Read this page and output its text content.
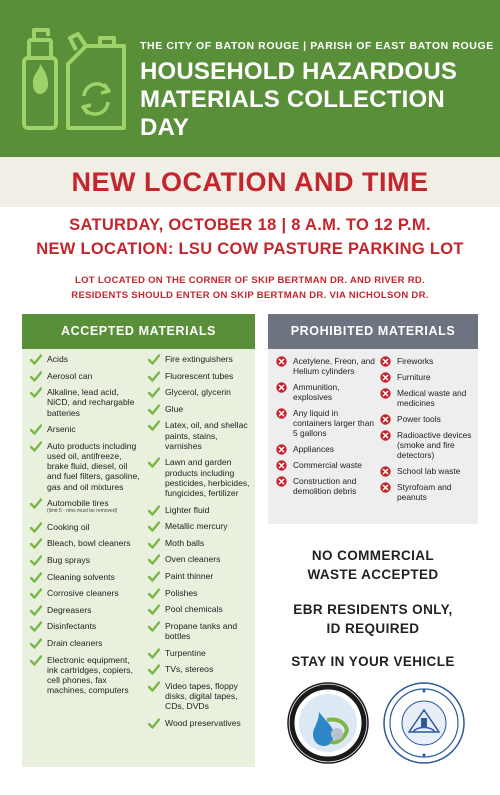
THE CITY OF BATON ROUGE | PARISH OF EAST BATON ROUGE
HOUSEHOLD HAZARDOUS
MATERIALS COLLECTION DAY
NEW LOCATION AND TIME
SATURDAY, OCTOBER 18 | 8 A.M. TO 12 P.M.
NEW LOCATION: LSU COW PASTURE PARKING LOT
LOT LOCATED ON THE CORNER OF SKIP BERTMAN DR. AND RIVER RD.
RESIDENTS SHOULD ENTER ON SKIP BERTMAN DR. VIA NICHOLSON DR.
ACCEPTED MATERIALS
Acids
Aerosol can
Alkaline, lead acid, NiCD, and rechargable batteries
Arsenic
Auto products including used oil, antifreeze, brake fluid, diesel, oil and fuel filters, gasoline, gas and oil mixtures
Automobile tires
(limit 5 - rims must be removed)
Cooking oil
Bleach, bowl cleaners
Bug sprays
Cleaning solvents
Corrosive cleaners
Degreasers
Disinfectants
Drain cleaners
Electronic equipment, ink cartridges, copiers, cell phones, fax machines, computers
Fire extinguishers
Fluorescent tubes
Glycerol, glycerin
Glue
Latex, oil, and shellac paints, stains, varnishes
Lawn and garden products including pesticides, herbicides, fungicides, fertilizer
Lighter fluid
Metallic mercury
Moth balls
Oven cleaners
Paint thinner
Polishes
Pool chemicals
Propane tanks and bottles
Turpentine
TVs, stereos
Video tapes, floppy disks, digital tapes, CDs, DVDs
Wood preservatives
PROHIBITED MATERIALS
Acetylene, Freon, and Helium cylinders
Ammunition, explosives
Any liquid in containers larger than 5 gallons
Appliances
Commercial waste
Construction and demolition debris
Fireworks
Furniture
Medical waste and medicines
Power tools
Radioactive devices (smoke and fire detectors)
School lab waste
Styrofoam and peanuts
NO COMMERCIAL
WASTE ACCEPTED
EBR RESIDENTS ONLY,
ID REQUIRED
STAY IN YOUR VEHICLE
